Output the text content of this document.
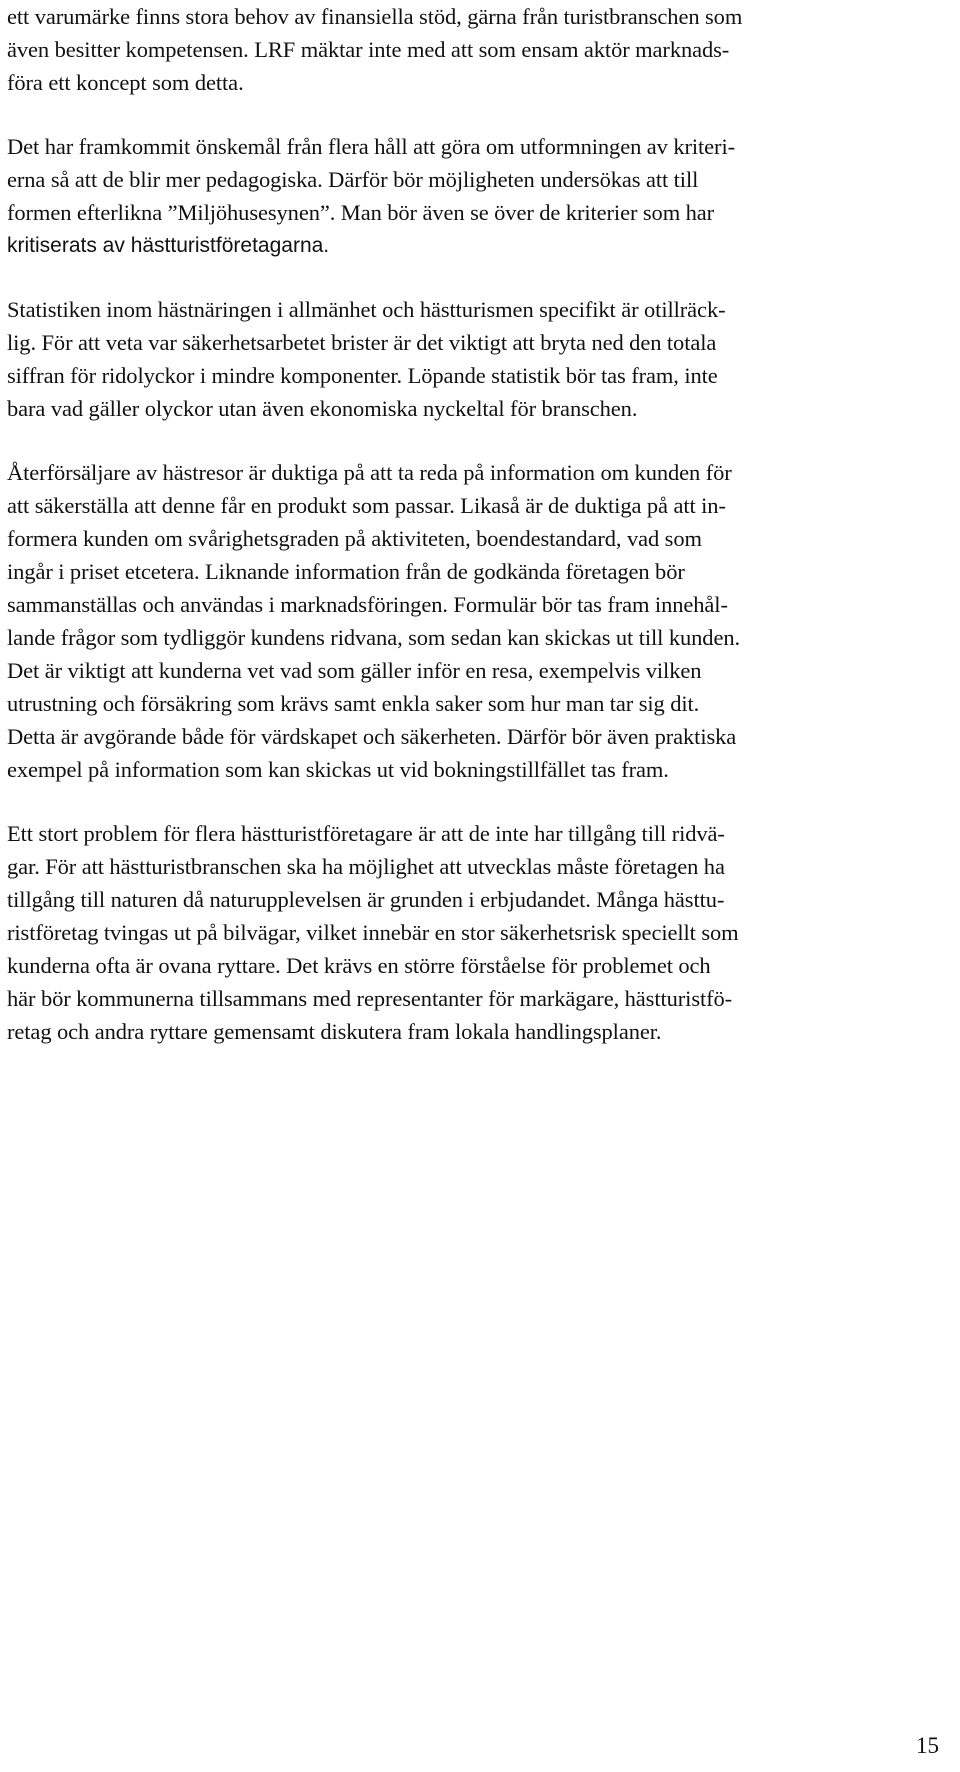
ett varumärke finns stora behov av finansiella stöd, gärna från turistbranschen som
även besitter kompetensen. LRF mäktar inte med att som ensam aktör marknads-
föra ett koncept som detta.
Det har framkommit önskemål från flera håll att göra om utformningen av kriteri-
erna så att de blir mer pedagogiska. Därför bör möjligheten undersökas att till
formen efterlikna ”Miljöhusesynen”. Man bör även se över de kriterier som har
kritiserats av hästturistföretagarna.
Statistiken inom hästnäringen i allmänhet och hästturismen specifikt är otillräck-
lig. För att veta var säkerhetsarbetet brister är det viktigt att bryta ned den totala
siffran för ridolyckor i mindre komponenter. Löpande statistik bör tas fram, inte
bara vad gäller olyckor utan även ekonomiska nyckeltal för branschen.
Återförsäljare av hästresor är duktiga på att ta reda på information om kunden för
att säkerställa att denne får en produkt som passar. Likaså är de duktiga på att in-
formera kunden om svårighetsgraden på aktiviteten, boendestandard, vad som
ingår i priset etcetera. Liknande information från de godkända företagen bör
sammanställas och användas i marknadsföringen. Formulär bör tas fram innehål-
lande frågor som tydliggör kundens ridvana, som sedan kan skickas ut till kunden.
Det är viktigt att kunderna vet vad som gäller inför en resa, exempelvis vilken
utrustning och försäkring som krävs samt enkla saker som hur man tar sig dit.
Detta är avgörande både för värdskapet och säkerheten. Därför bör även praktiska
exempel på information som kan skickas ut vid bokningstillfället tas fram.
Ett stort problem för flera hästturistföretagare är att de inte har tillgång till ridvä-
gar. För att hästturistbranschen ska ha möjlighet att utvecklas måste företagen ha
tillgång till naturen då naturupplevelsen är grunden i erbjudandet. Många hästtu-
ristföretag tvingas ut på bilvägar, vilket innebär en stor säkerhetsrisk speciellt som
kunderna ofta är ovana ryttare. Det krävs en större förståelse för problemet och
här bör kommunerna tillsammans med representanter för markägare, hästturistfö-
retag och andra ryttare gemensamt diskutera fram lokala handlingsplaner.
15
